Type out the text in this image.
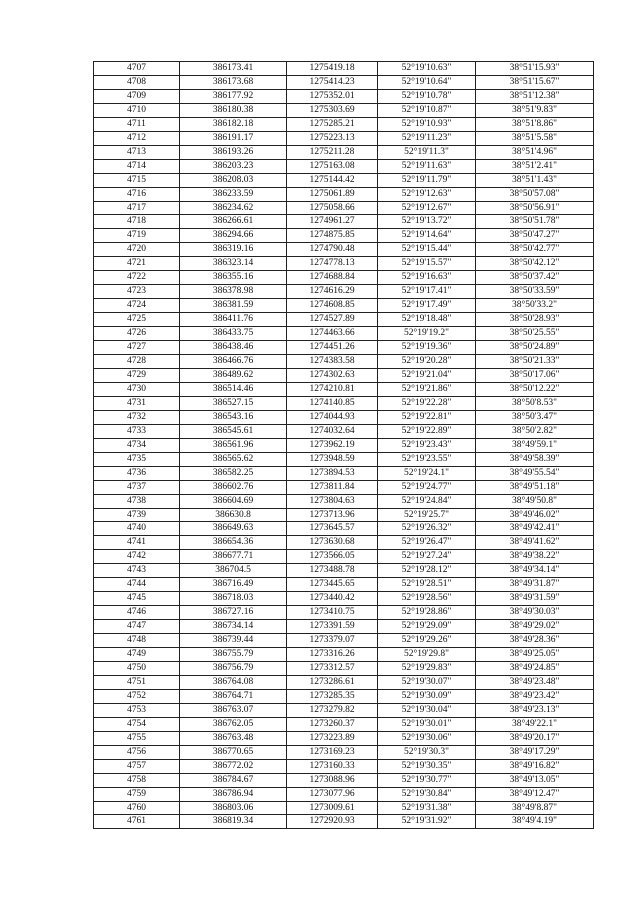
4707	386173.41	1275419.18	52°19'10.63"	38°51'15.93"
4708	386173.68	1275414.23	52°19'10.64"	38°51'15.67"
4709	386177.92	1275352.01	52°19'10.78"	38°51'12.38"
4710	386180.38	1275303.69	52°19'10.87"	38°51'9.83"
4711	386182.18	1275285.21	52°19'10.93"	38°51'8.86"
4712	386191.17	1275223.13	52°19'11.23"	38°51'5.58"
4713	386193.26	1275211.28	52°19'11.3"	38°51'4.96"
4714	386203.23	1275163.08	52°19'11.63"	38°51'2.41"
4715	386208.03	1275144.42	52°19'11.79"	38°51'1.43"
4716	386233.59	1275061.89	52°19'12.63"	38°50'57.08"
4717	386234.62	1275058.66	52°19'12.67"	38°50'56.91"
4718	386266.61	1274961.27	52°19'13.72"	38°50'51.78"
4719	386294.66	1274875.85	52°19'14.64"	38°50'47.27"
4720	386319.16	1274790.48	52°19'15.44"	38°50'42.77"
4721	386323.14	1274778.13	52°19'15.57"	38°50'42.12"
4722	386355.16	1274688.84	52°19'16.63"	38°50'37.42"
4723	386378.98	1274616.29	52°19'17.41"	38°50'33.59"
4724	386381.59	1274608.85	52°19'17.49"	38°50'33.2"
4725	386411.76	1274527.89	52°19'18.48"	38°50'28.93"
4726	386433.75	1274463.66	52°19'19.2"	38°50'25.55"
4727	386438.46	1274451.26	52°19'19.36"	38°50'24.89"
4728	386466.76	1274383.58	52°19'20.28"	38°50'21.33"
4729	386489.62	1274302.63	52°19'21.04"	38°50'17.06"
4730	386514.46	1274210.81	52°19'21.86"	38°50'12.22"
4731	386527.15	1274140.85	52°19'22.28"	38°50'8.53"
4732	386543.16	1274044.93	52°19'22.81"	38°50'3.47"
4733	386545.61	1274032.64	52°19'22.89"	38°50'2.82"
4734	386561.96	1273962.19	52°19'23.43"	38°49'59.1"
4735	386565.62	1273948.59	52°19'23.55"	38°49'58.39"
4736	386582.25	1273894.53	52°19'24.1"	38°49'55.54"
4737	386602.76	1273811.84	52°19'24.77"	38°49'51.18"
4738	386604.69	1273804.63	52°19'24.84"	38°49'50.8"
4739	386630.8	1273713.96	52°19'25.7"	38°49'46.02"
4740	386649.63	1273645.57	52°19'26.32"	38°49'42.41"
4741	386654.36	1273630.68	52°19'26.47"	38°49'41.62"
4742	386677.71	1273566.05	52°19'27.24"	38°49'38.22"
4743	386704.5	1273488.78	52°19'28.12"	38°49'34.14"
4744	386716.49	1273445.65	52°19'28.51"	38°49'31.87"
4745	386718.03	1273440.42	52°19'28.56"	38°49'31.59"
4746	386727.16	1273410.75	52°19'28.86"	38°49'30.03"
4747	386734.14	1273391.59	52°19'29.09"	38°49'29.02"
4748	386739.44	1273379.07	52°19'29.26"	38°49'28.36"
4749	386755.79	1273316.26	52°19'29.8"	38°49'25.05"
4750	386756.79	1273312.57	52°19'29.83"	38°49'24.85"
4751	386764.08	1273286.61	52°19'30.07"	38°49'23.48"
4752	386764.71	1273285.35	52°19'30.09"	38°49'23.42"
4753	386763.07	1273279.82	52°19'30.04"	38°49'23.13"
4754	386762.05	1273260.37	52°19'30.01"	38°49'22.1"
4755	386763.48	1273223.89	52°19'30.06"	38°49'20.17"
4756	386770.65	1273169.23	52°19'30.3"	38°49'17.29"
4757	386772.02	1273160.33	52°19'30.35"	38°49'16.82"
4758	386784.67	1273088.96	52°19'30.77"	38°49'13.05"
4759	386786.94	1273077.96	52°19'30.84"	38°49'12.47"
4760	386803.06	1273009.61	52°19'31.38"	38°49'8.87"
4761	386819.34	1272920.93	52°19'31.92"	38°49'4.19"
